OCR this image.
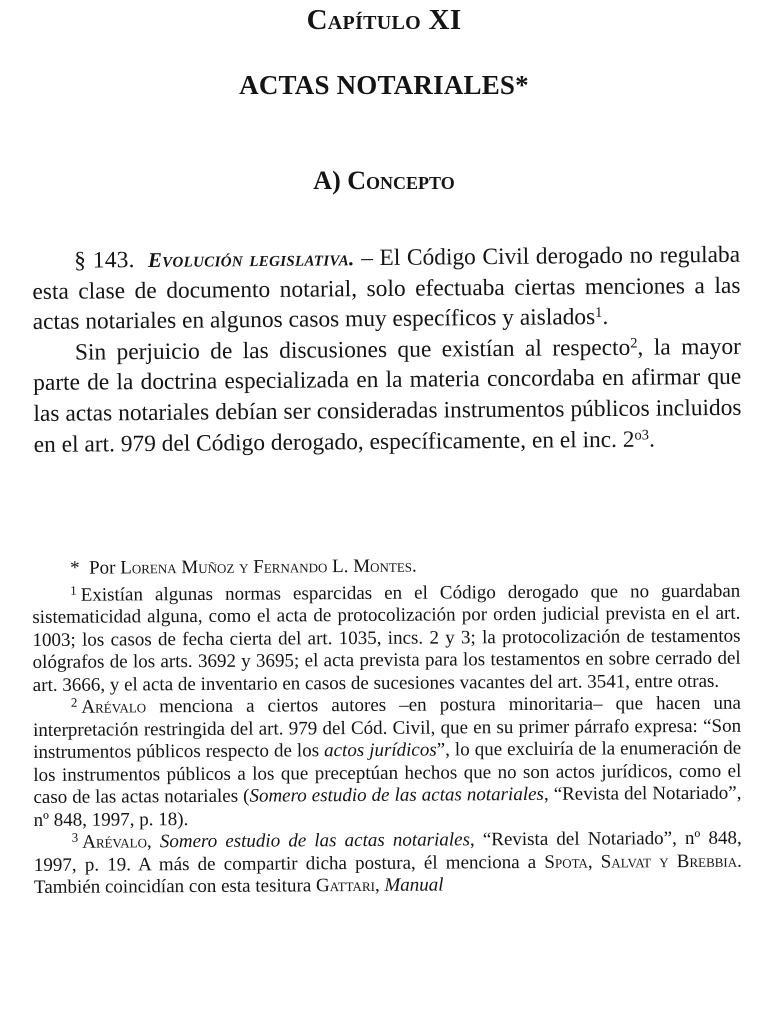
Capítulo XI
ACTAS NOTARIALES*
A) Concepto

§ 143. Evolución legislativa. – El Código Civil derogado no regulaba esta clase de documento notarial, solo efectuaba ciertas menciones a las actas notariales en algunos casos muy específicos y aislados$^1$.

Sin perjuicio de las discusiones que existían al respecto$^2$, la mayor parte de la doctrina especializada en la materia concordaba en afirmar que las actas notariales debían ser consideradas instrumentos públicos incluidos en el art. 979 del Código derogado, específicamente, en el inc. $2^{o3}$.

* Por Lorena Muñoz y Fernando L. Montes.

$^1$ Existían algunas normas esparcidas en el Código derogado que no guardaban sistematicidad alguna, como el acta de protocolización por orden judicial prevista en el art. 1003; los casos de fecha cierta del art. 1035, incs. 2 y 3; la protocolización de testamentos ológrafos de los arts. 3692 y 3695; el acta prevista para los testamentos en sobre cerrado del art. 3666, y el acta de inventario en casos de sucesiones vacantes del art. 3541, entre otras.

$^2$ Arévalo menciona a ciertos autores –en postura minoritaria– que hacen una interpretación restringida del art. 979 del Cód. Civil, que en su primer párrafo expresa: “Son instrumentos públicos respecto de los actos jurídicos”, lo que excluiría de la enumeración de los instrumentos públicos a los que preceptúan hechos que no son actos jurídicos, como el caso de las actas notariales (Somero estudio de las actas notariales, “Revista del Notariado”, nº 848, 1997, p. 18).

$^3$ Arévalo, Somero estudio de las actas notariales, “Revista del Notariado”, nº 848, 1997, p. 19. A más de compartir dicha postura, él menciona a Spota, Salvat y Brebbia. También coincidían con esta tesitura Gattari, Manual
